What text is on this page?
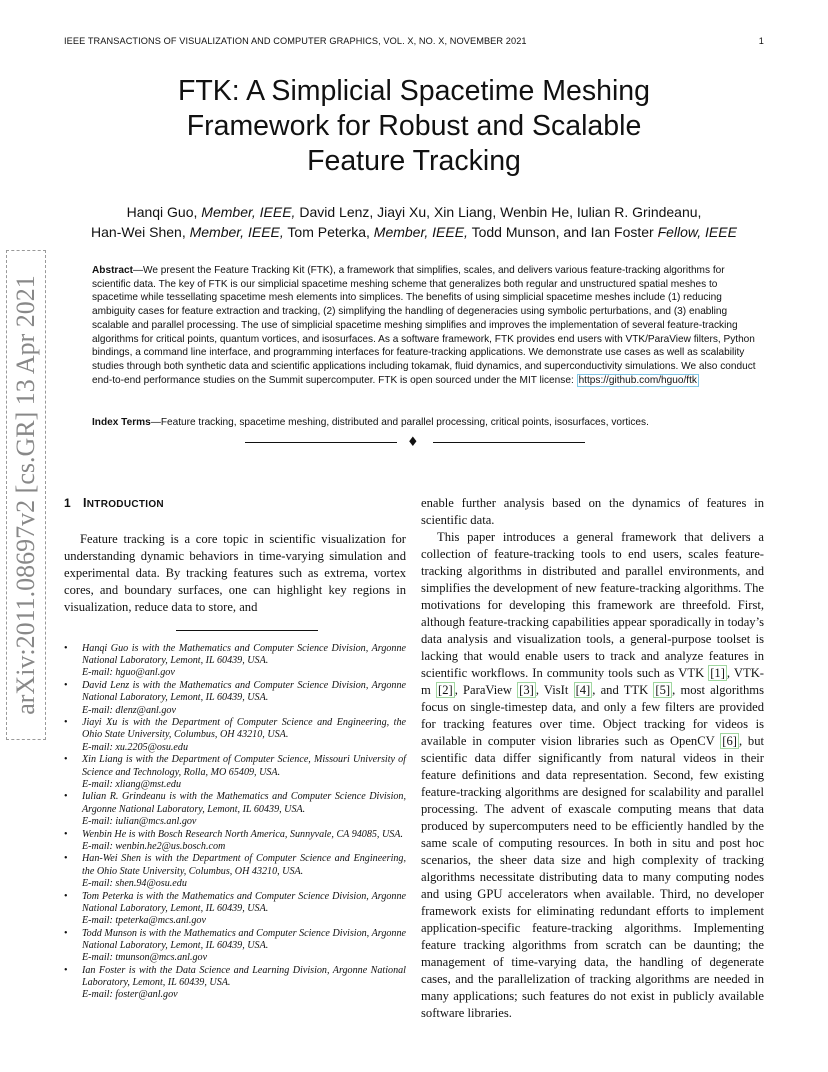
IEEE TRANSACTIONS OF VISUALIZATION AND COMPUTER GRAPHICS, VOL. X, NO. X, NOVEMBER 2021	1
FTK: A Simplicial Spacetime Meshing
Framework for Robust and Scalable
Feature Tracking
Hanqi Guo, Member, IEEE, David Lenz, Jiayi Xu, Xin Liang, Wenbin He, Iulian R. Grindeanu,
Han-Wei Shen, Member, IEEE, Tom Peterka, Member, IEEE, Todd Munson, and Ian Foster Fellow, IEEE
Abstract—We present the Feature Tracking Kit (FTK), a framework that simplifies, scales, and delivers various feature-tracking algorithms for scientific data. The key of FTK is our simplicial spacetime meshing scheme that generalizes both regular and unstructured spatial meshes to spacetime while tessellating spacetime mesh elements into simplices. The benefits of using simplicial spacetime meshes include (1) reducing ambiguity cases for feature extraction and tracking, (2) simplifying the handling of degeneracies using symbolic perturbations, and (3) enabling scalable and parallel processing. The use of simplicial spacetime meshing simplifies and improves the implementation of several feature-tracking algorithms for critical points, quantum vortices, and isosurfaces. As a software framework, FTK provides end users with VTK/ParaView filters, Python bindings, a command line interface, and programming interfaces for feature-tracking applications. We demonstrate use cases as well as scalability studies through both synthetic data and scientific applications including tokamak, fluid dynamics, and superconductivity simulations. We also conduct end-to-end performance studies on the Summit supercomputer. FTK is open sourced under the MIT license: https://github.com/hguo/ftk
Index Terms—Feature tracking, spacetime meshing, distributed and parallel processing, critical points, isosurfaces, vortices.
♦
arXiv:2011.08697v2 [cs.GR] 13 Apr 2021 1 INTRODUCTION

Feature tracking is a core topic in scientific visualization for understanding dynamic behaviors in time-varying simulation and experimental data. By tracking features such as extrema, vortex cores, and boundary surfaces, one can highlight key regions in visualization, reduce data to store, and

• Hanqi Guo is with the Mathematics and Computer Science Division, Argonne National Laboratory, Lemont, IL 60439, USA.
E-mail: hguo@anl.gov
• David Lenz is with the Mathematics and Computer Science Division, Argonne National Laboratory, Lemont, IL 60439, USA.
E-mail: dlenz@anl.gov
• Jiayi Xu is with the Department of Computer Science and Engineering, the Ohio State University, Columbus, OH 43210, USA.
E-mail: xu.2205@osu.edu
• Xin Liang is with the Department of Computer Science, Missouri University of Science and Technology, Rolla, MO 65409, USA.
E-mail: xliang@mst.edu
• Iulian R. Grindeanu is with the Mathematics and Computer Science Division, Argonne National Laboratory, Lemont, IL 60439, USA.
E-mail: iulian@mcs.anl.gov
• Wenbin He is with Bosch Research North America, Sunnyvale, CA 94085, USA.
E-mail: wenbin.he2@us.bosch.com
• Han-Wei Shen is with the Department of Computer Science and Engineering, the Ohio State University, Columbus, OH 43210, USA.
E-mail: shen.94@osu.edu
• Tom Peterka is with the Mathematics and Computer Science Division, Argonne National Laboratory, Lemont, IL 60439, USA.
E-mail: tpeterka@mcs.anl.gov
• Todd Munson is with the Mathematics and Computer Science Division, Argonne National Laboratory, Lemont, IL 60439, USA.
E-mail: tmunson@mcs.anl.gov
• Ian Foster is with the Data Science and Learning Division, Argonne National Laboratory, Lemont, IL 60439, USA.
E-mail: foster@anl.gov

enable further analysis based on the dynamics of features in scientific data.

This paper introduces a general framework that delivers a collection of feature-tracking tools to end users, scales feature-tracking algorithms in distributed and parallel environments, and simplifies the development of new feature-tracking algorithms. The motivations for developing this framework are threefold. First, although feature-tracking capabilities appear sporadically in today’s data analysis and visualization tools, a general-purpose toolset is lacking that would enable users to track and analyze features in scientific workflows. In community tools such as VTK [1] , VTK-m [2] , ParaView [3] , VisIt [4] , and TTK [5] , most algorithms focus on single-timestep data, and only a few filters are provided for tracking features over time. Object tracking for videos is available in computer vision libraries such as OpenCV [6] , but scientific data differ significantly from natural videos in their feature definitions and data representation. Second, few existing feature-tracking algorithms are designed for scalability and parallel processing. The advent of exascale computing means that data produced by supercomputers need to be efficiently handled by the same scale of computing resources. In both in situ and post hoc scenarios, the sheer data size and high complexity of tracking algorithms necessitate distributing data to many computing nodes and using GPU accelerators when available. Third, no developer framework exists for eliminating redundant efforts to implement application-specific feature-tracking algorithms. Implementing feature tracking algorithms from scratch can be daunting; the management of time-varying data, the handling of degenerate cases, and the parallelization of tracking algorithms are needed in many applications; such features do not exist in publicly available software libraries.
